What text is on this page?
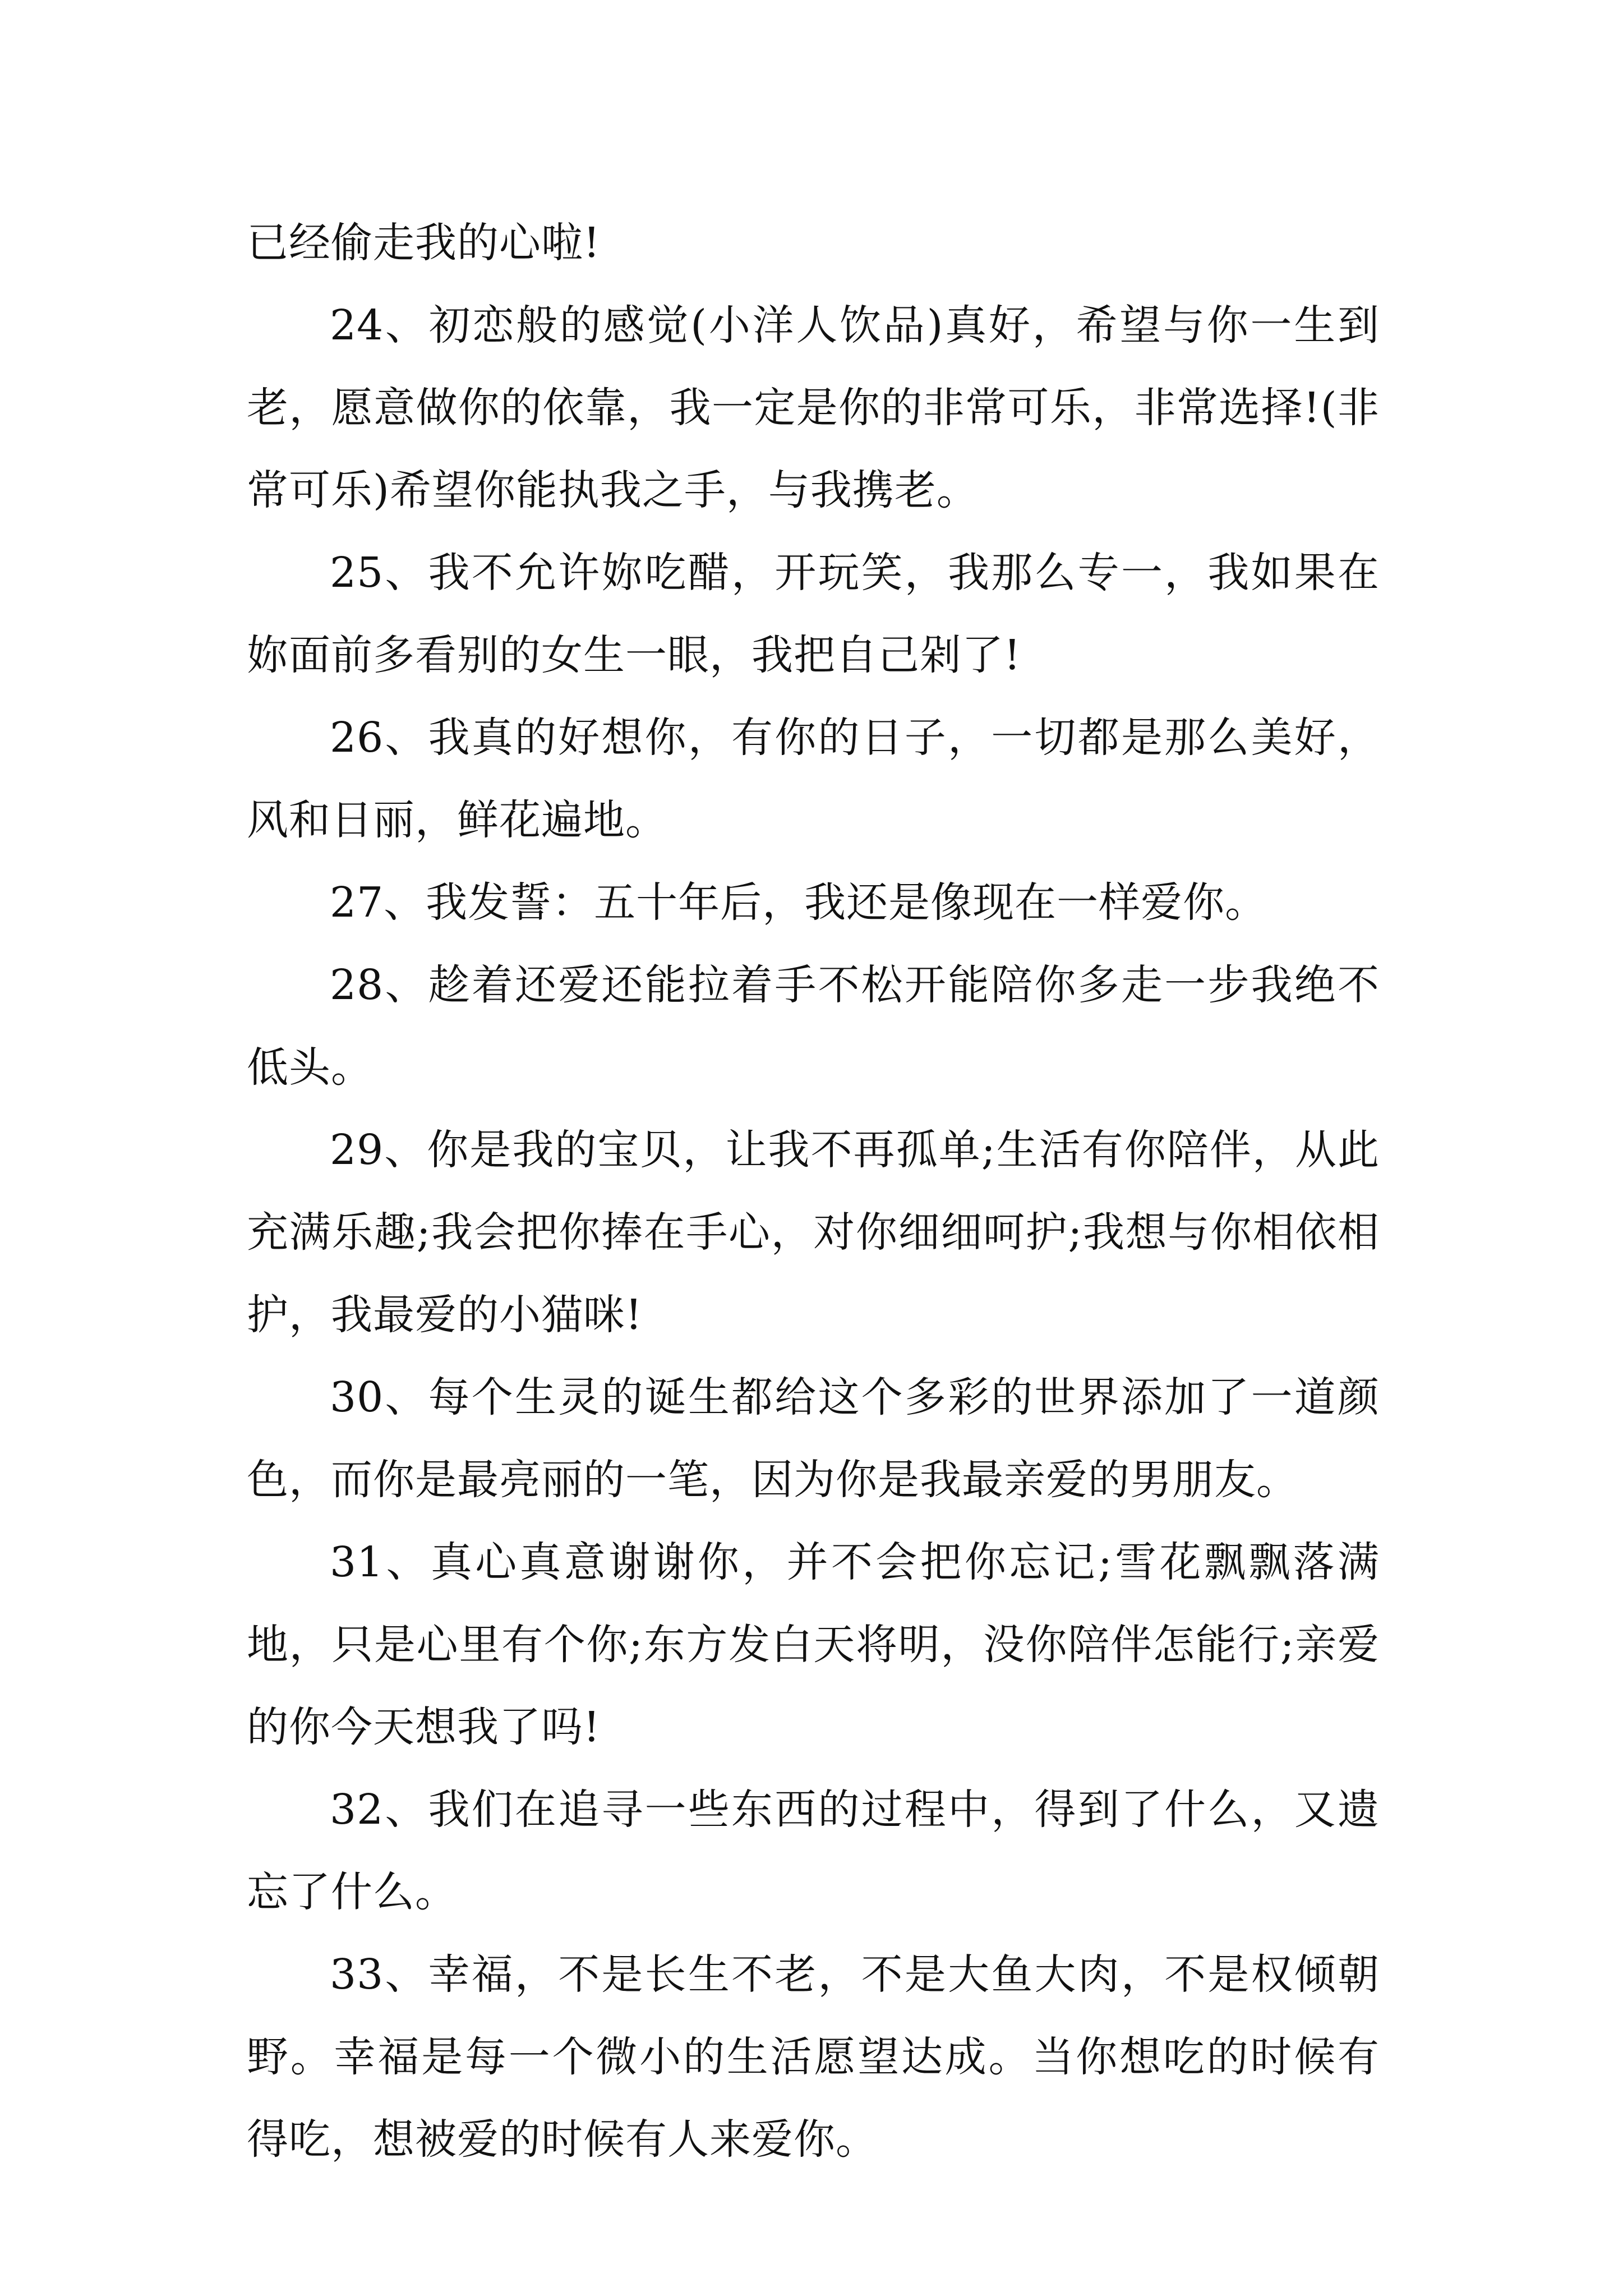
已经偷走我的心啦!

24、初恋般的感觉(小洋人饮品)真好，希望与你一生到老，愿意做你的依靠，我一定是你的非常可乐，非常选择!(非常可乐)希望你能执我之手，与我携老。

25、我不允许妳吃醋，开玩笑，我那么专一，我如果在妳面前多看别的女生一眼，我把自己剁了!

26、我真的好想你，有你的日子，一切都是那么美好，风和日丽，鲜花遍地。

27、我发誓：五十年后，我还是像现在一样爱你。

28、趁着还爱还能拉着手不松开能陪你多走一步我绝不低头。

29、你是我的宝贝，让我不再孤单;生活有你陪伴，从此充满乐趣;我会把你捧在手心，对你细细呵护;我想与你相依相护，我最爱的小猫咪!

30、每个生灵的诞生都给这个多彩的世界添加了一道颜色，而你是最亮丽的一笔，因为你是我最亲爱的男朋友。

31、真心真意谢谢你，并不会把你忘记;雪花飘飘落满地，只是心里有个你;东方发白天将明，没你陪伴怎能行;亲爱的你今天想我了吗!

32、我们在追寻一些东西的过程中，得到了什么，又遗忘了什么。

33、幸福，不是长生不老，不是大鱼大肉，不是权倾朝野。幸福是每一个微小的生活愿望达成。当你想吃的时候有得吃，想被爱的时候有人来爱你。
